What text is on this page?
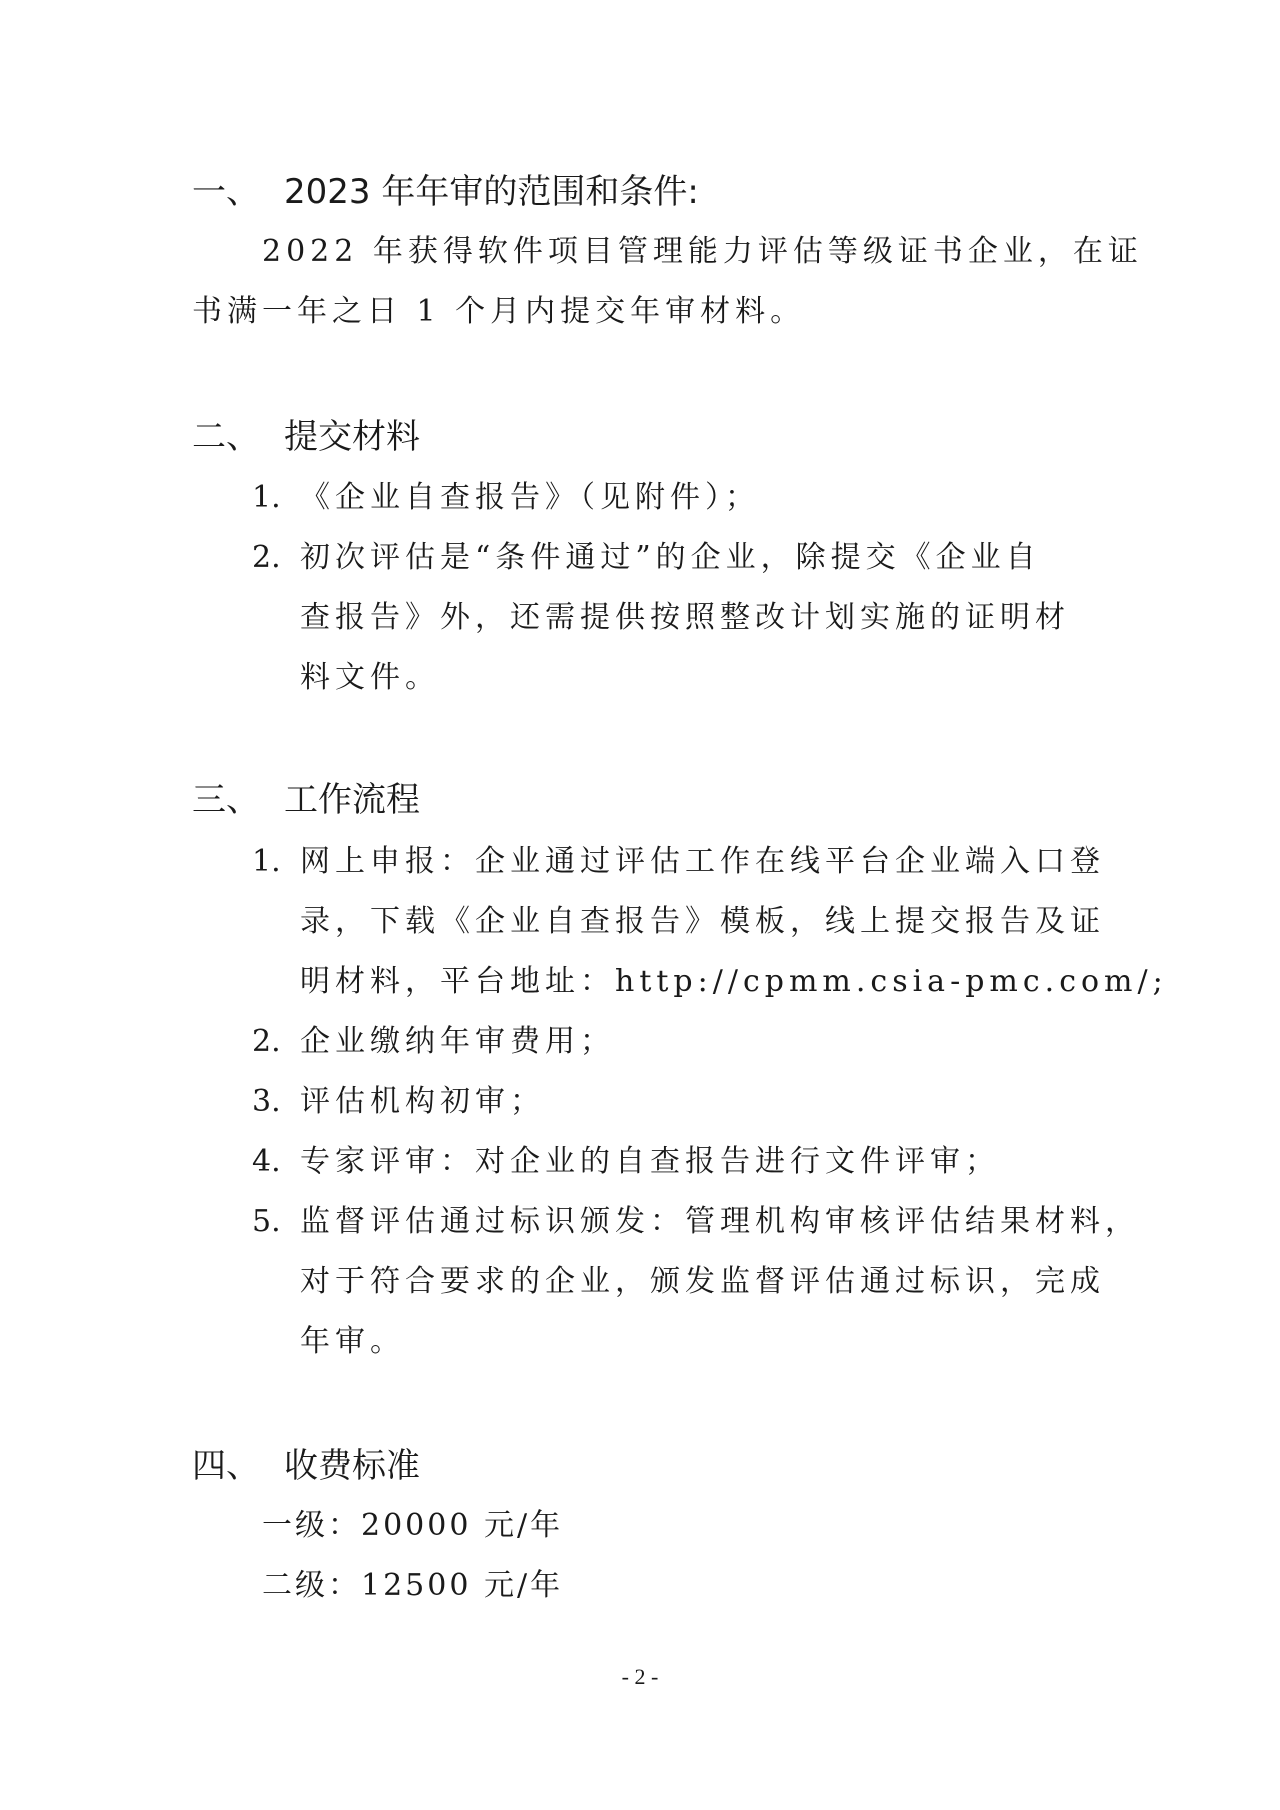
一、 2023 年年审的范围和条件:
2022 年获得软件项目管理能力评估等级证书企业，在证
书满一年之日 1 个月内提交年审材料。
二、 提交材料
1. 《企业自查报告》（见附件）；
2. 初次评估是“条件通过”的企业，除提交《企业自
查报告》外，还需提供按照整改计划实施的证明材
料文件。
三、 工作流程
1. 网上申报：企业通过评估工作在线平台企业端入口登
录，下载《企业自查报告》模板，线上提交报告及证
明材料，平台地址：http://cpmm.csia-pmc.com/;
2. 企业缴纳年审费用；
3. 评估机构初审；
4. 专家评审：对企业的自查报告进行文件评审；
5. 监督评估通过标识颁发：管理机构审核评估结果材料，
对于符合要求的企业，颁发监督评估通过标识，完成
年审。
四、 收费标准
一级：20000 元/年
二级：12500 元/年
- 2 -
